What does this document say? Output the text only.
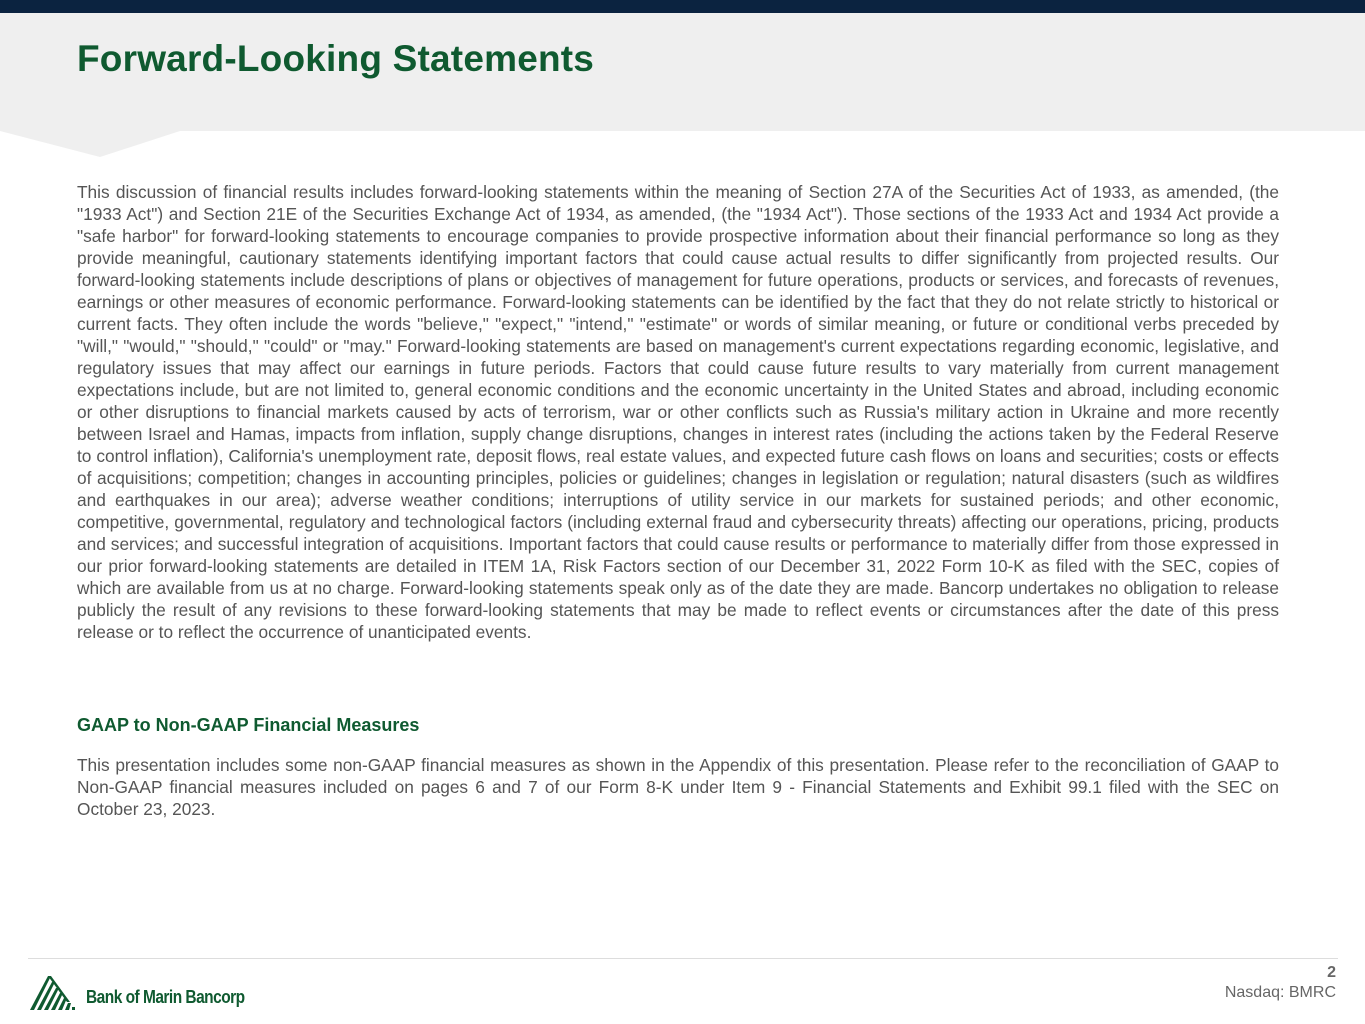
Forward-Looking Statements

This discussion of financial results includes forward-looking statements within the meaning of Section 27A of the Securities Act of 1933, as amended, (the "1933 Act") and Section 21E of the Securities Exchange Act of 1934, as amended, (the "1934 Act"). Those sections of the 1933 Act and 1934 Act provide a "safe harbor" for forward-looking statements to encourage companies to provide prospective information about their financial performance so long as they provide meaningful, cautionary statements identifying important factors that could cause actual results to differ significantly from projected results. Our forward-looking statements include descriptions of plans or objectives of management for future operations, products or services, and forecasts of revenues, earnings or other measures of economic performance. Forward-looking statements can be identified by the fact that they do not relate strictly to historical or current facts. They often include the words "believe," "expect," "intend," "estimate" or words of similar meaning, or future or conditional verbs preceded by "will," "would," "should," "could" or "may." Forward-looking statements are based on management's current expectations regarding economic, legislative, and regulatory issues that may affect our earnings in future periods. Factors that could cause future results to vary materially from current management expectations include, but are not limited to, general economic conditions and the economic uncertainty in the United States and abroad, including economic or other disruptions to financial markets caused by acts of terrorism, war or other conflicts such as Russia's military action in Ukraine and more recently between Israel and Hamas, impacts from inflation, supply change disruptions, changes in interest rates (including the actions taken by the Federal Reserve to control inflation), California's unemployment rate, deposit flows, real estate values, and expected future cash flows on loans and securities; costs or effects of acquisitions; competition; changes in accounting principles, policies or guidelines; changes in legislation or regulation; natural disasters (such as wildfires and earthquakes in our area); adverse weather conditions; interruptions of utility service in our markets for sustained periods; and other economic, competitive, governmental, regulatory and technological factors (including external fraud and cybersecurity threats) affecting our operations, pricing, products and services; and successful integration of acquisitions. Important factors that could cause results or performance to materially differ from those expressed in our prior forward-looking statements are detailed in ITEM 1A, Risk Factors section of our December 31, 2022 Form 10-K as filed with the SEC, copies of which are available from us at no charge. Forward-looking statements speak only as of the date they are made. Bancorp undertakes no obligation to release publicly the result of any revisions to these forward-looking statements that may be made to reflect events or circumstances after the date of this press release or to reflect the occurrence of unanticipated events.

GAAP to Non-GAAP Financial Measures

This presentation includes some non-GAAP financial measures as shown in the Appendix of this presentation. Please refer to the reconciliation of GAAP to Non-GAAP financial measures included on pages 6 and 7 of our Form 8-K under Item 9 - Financial Statements and Exhibit 99.1 filed with the SEC on October 23, 2023.

Bank of Marin Bancorp
2
Nasdaq: BMRC
